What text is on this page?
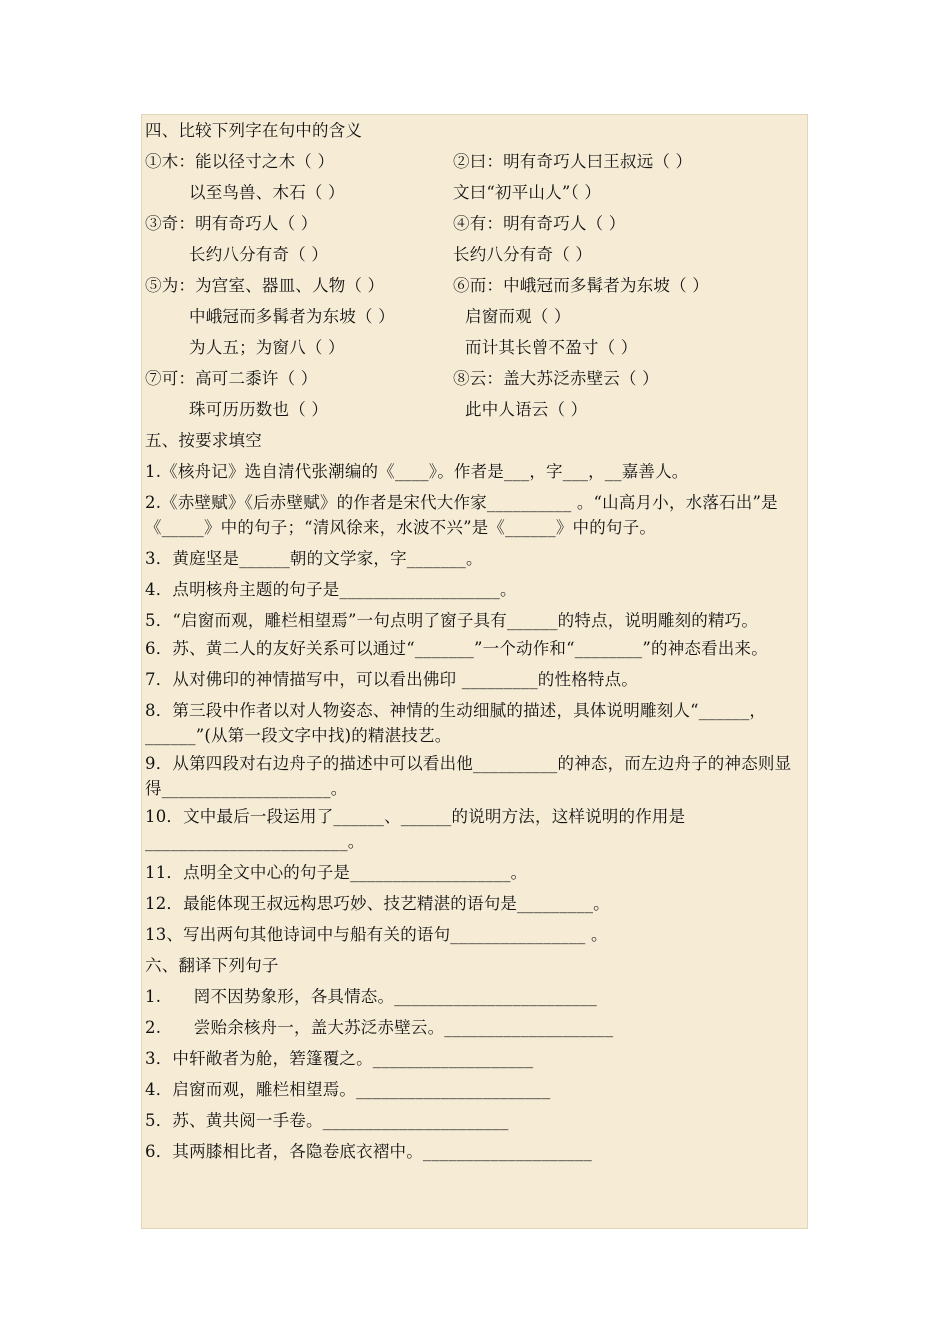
四、比较下列字在句中的含义
①木：能以径寸之木（ ）	②曰：明有奇巧人曰王叔远（ ）
以至鸟兽、木石（ ）	文曰“初平山人”（ ）
③奇：明有奇巧人（ ）	④有：明有奇巧人（ ）
长约八分有奇（ ）	长约八分有奇（ ）
⑤为：为宫室、器皿、人物（ ）	⑥而：中峨冠而多髯者为东坡（ ）
中峨冠而多髯者为东坡（ ）	启窗而观（ ）
为人五；为窗八（ ）	而计其长曾不盈寸（ ）
⑦可：高可二黍许（ ）	⑧云：盖大苏泛赤壁云（ ）
珠可历历数也（ ）	此中人语云（ ）
五、按要求填空
1.《核舟记》选自清代张潮编的《____》。作者是___，字___，__嘉善人。
2.《赤壁赋》《后赤壁赋》的作者是宋代大作家__________ 。“山高月小，水落石出”是《_____》中的句子；“清风徐来，水波不兴”是《______》中的句子。
3．黄庭坚是______朝的文学家，字_______。
4．点明核舟主题的句子是___________________。
5．“启窗而观，雕栏相望焉”一句点明了窗子具有______的特点，说明雕刻的精巧。
6．苏、黄二人的友好关系可以通过“_______”一个动作和“________”的神态看出来。
7．从对佛印的神情描写中，可以看出佛印 _________的性格特点。
8．第三段中作者以对人物姿态、神情的生动细腻的描述，具体说明雕刻人“______，______”(从第一段文字中找)的精湛技艺。
9．从第四段对右边舟子的描述中可以看出他__________的神态，而左边舟子的神态则显得____________________。
10．文中最后一段运用了______、______的说明方法，这样说明的作用是________________________。
11．点明全文中心的句子是___________________。
12．最能体现王叔远构思巧妙、技艺精湛的语句是_________。
13、写出两句其他诗词中与船有关的语句________________ 。
六、翻译下列句子
1.      罔不因势象形，各具情态。________________________
2.      尝贻余核舟一，盖大苏泛赤壁云。____________________
3．中轩敞者为舱，箬篷覆之。___________________
4．启窗而观，雕栏相望焉。_______________________
5．苏、黄共阅一手卷。______________________
6．其两膝相比者，各隐卷底衣褶中。____________________
